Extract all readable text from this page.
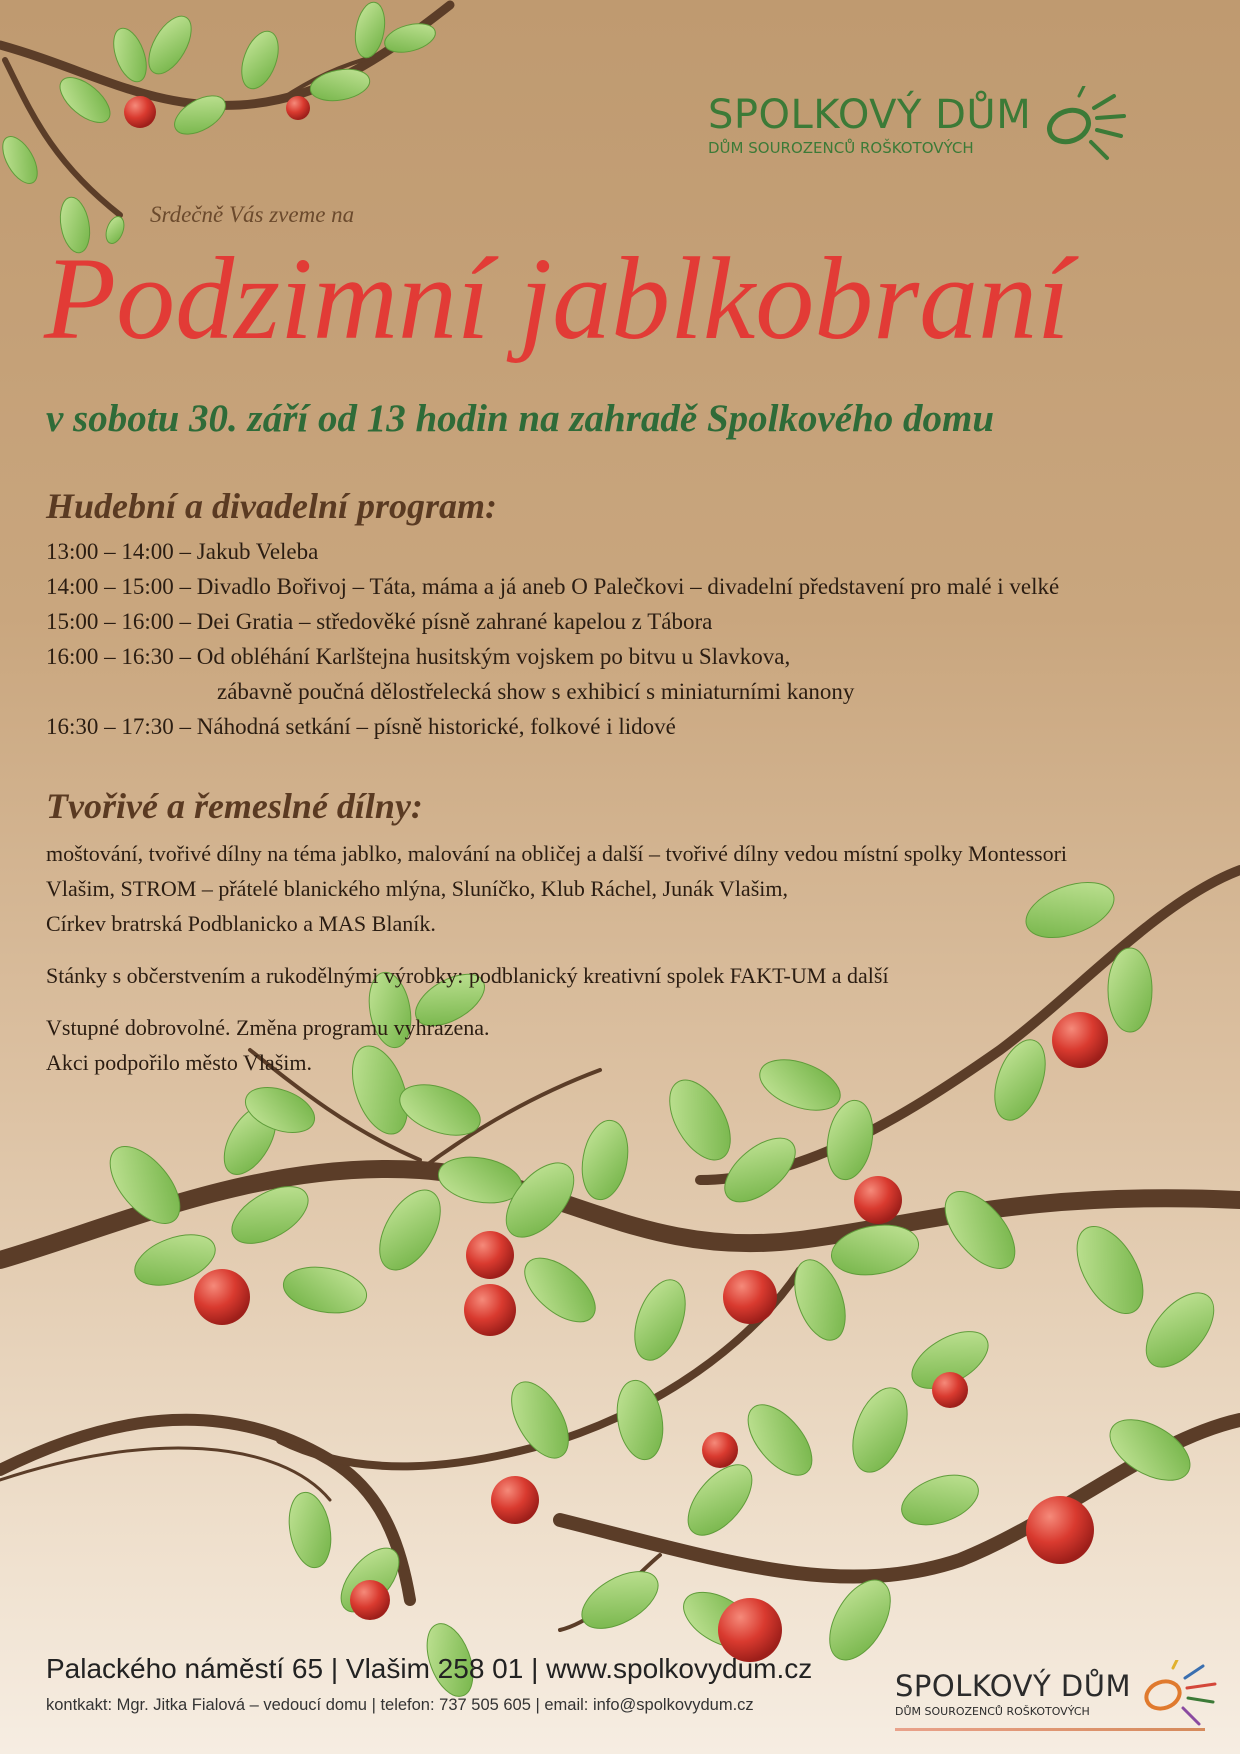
SPOLKOVÝ DŮM
DŮM SOUROZENCŮ ROŠKOTOVÝCH
Srdečně Vás zveme na
Podzimní jablkobraní
v sobotu 30. září od 13 hodin na zahradě Spolkového domu
Hudební a divadelní program:
13:00 – 14:00 – Jakub Veleba
14:00 – 15:00 – Divadlo Bořivoj – Táta, máma a já aneb O Palečkovi – divadelní představení pro malé i velké
15:00 – 16:00 – Dei Gratia – středověké písně zahrané kapelou z Tábora
16:00 – 16:30 – Od obléhání Karlštejna husitským vojskem po bitvu u Slavkova,
zábavně poučná dělostřelecká show s exhibicí s miniaturními kanony
16:30 – 17:30 – Náhodná setkání – písně historické, folkové i lidové
Tvořivé a řemeslné dílny:
moštování, tvořivé dílny na téma jablko, malování na obličej a další – tvořivé dílny vedou místní spolky Montessori
Vlašim, STROM – přátelé blanického mlýna, Sluníčko, Klub Ráchel, Junák Vlašim,
Církev bratrská Podblanicko a MAS Blaník.
Stánky s občerstvením a rukodělnými výrobky: podblanický kreativní spolek FAKT-UM a další
Vstupné dobrovolné. Změna programu vyhrazena.
Akci podpořilo město Vlašim.
Palackého náměstí 65 | Vlašim 258 01 | www.spolkovydum.cz
kontkakt: Mgr. Jitka Fialová – vedoucí domu | telefon: 737 505 605 | email: info@spolkovydum.cz
SPOLKOVÝ DŮM
DŮM SOUROZENCŮ ROŠKOTOVÝCH
